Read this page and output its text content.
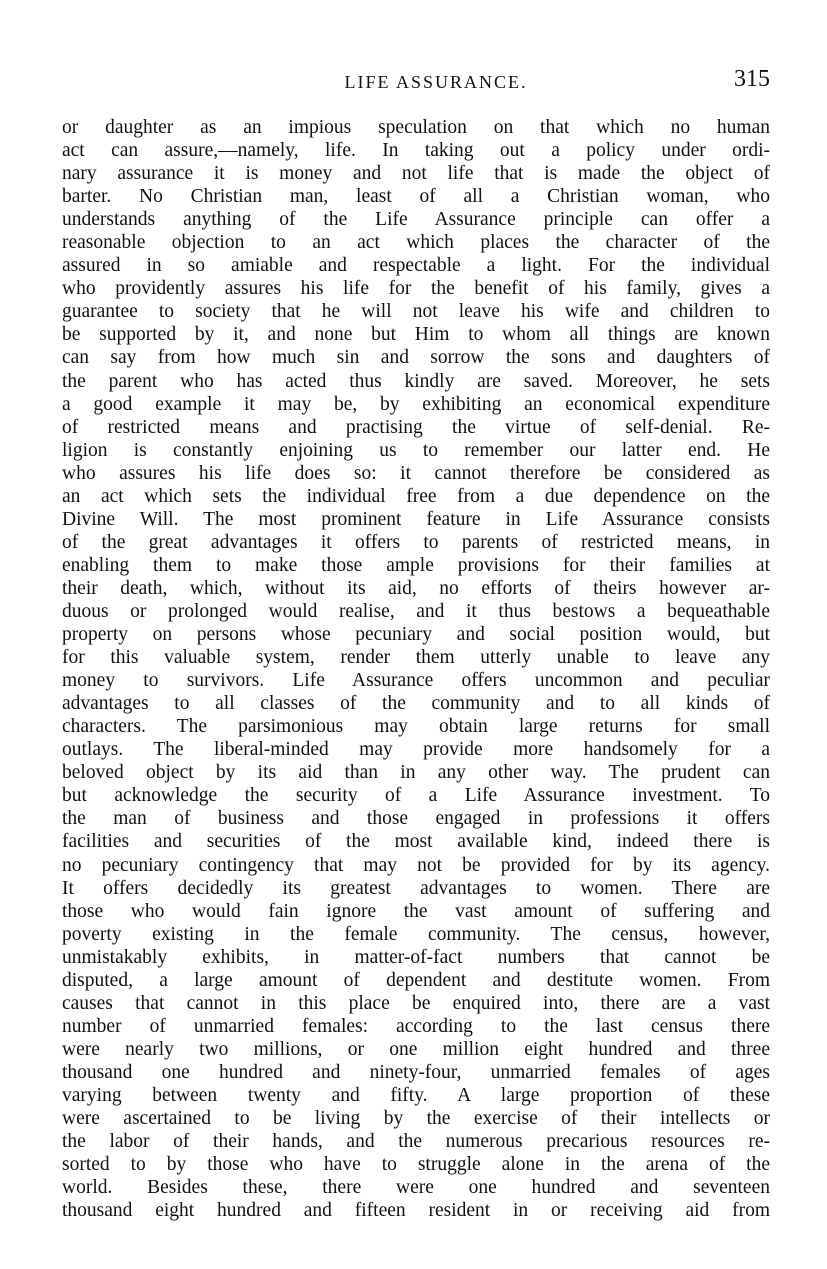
LIFE ASSURANCE.	315
or daughter as an impious speculation on that which no human
act can assure,—namely, life. In taking out a policy under ordi-
nary assurance it is money and not life that is made the object of
barter. No Christian man, least of all a Christian woman, who
understands anything of the Life Assurance principle can offer a
reasonable objection to an act which places the character of the
assured in so amiable and respectable a light. For the individual
who providently assures his life for the benefit of his family, gives a
guarantee to society that he will not leave his wife and children to
be supported by it, and none but Him to whom all things are known
can say from how much sin and sorrow the sons and daughters of
the parent who has acted thus kindly are saved. Moreover, he sets
a good example it may be, by exhibiting an economical expenditure
of restricted means and practising the virtue of self-denial. Re-
ligion is constantly enjoining us to remember our latter end. He
who assures his life does so: it cannot therefore be considered as
an act which sets the individual free from a due dependence on the
Divine Will. The most prominent feature in Life Assurance consists
of the great advantages it offers to parents of restricted means, in
enabling them to make those ample provisions for their families at
their death, which, without its aid, no efforts of theirs however ar-
duous or prolonged would realise, and it thus bestows a bequeathable
property on persons whose pecuniary and social position would, but
for this valuable system, render them utterly unable to leave any
money to survivors. Life Assurance offers uncommon and peculiar
advantages to all classes of the community and to all kinds of
characters. The parsimonious may obtain large returns for small
outlays. The liberal-minded may provide more handsomely for a
beloved object by its aid than in any other way. The prudent can
but acknowledge the security of a Life Assurance investment. To
the man of business and those engaged in professions it offers
facilities and securities of the most available kind, indeed there is
no pecuniary contingency that may not be provided for by its agency.
It offers decidedly its greatest advantages to women. There are
those who would fain ignore the vast amount of suffering and
poverty existing in the female community. The census, however,
unmistakably exhibits, in matter-of-fact numbers that cannot be
disputed, a large amount of dependent and destitute women. From
causes that cannot in this place be enquired into, there are a vast
number of unmarried females: according to the last census there
were nearly two millions, or one million eight hundred and three
thousand one hundred and ninety-four, unmarried females of ages
varying between twenty and fifty. A large proportion of these
were ascertained to be living by the exercise of their intellects or
the labor of their hands, and the numerous precarious resources re-
sorted to by those who have to struggle alone in the arena of the
world. Besides these, there were one hundred and seventeen
thousand eight hundred and fifteen resident in or receiving aid from
